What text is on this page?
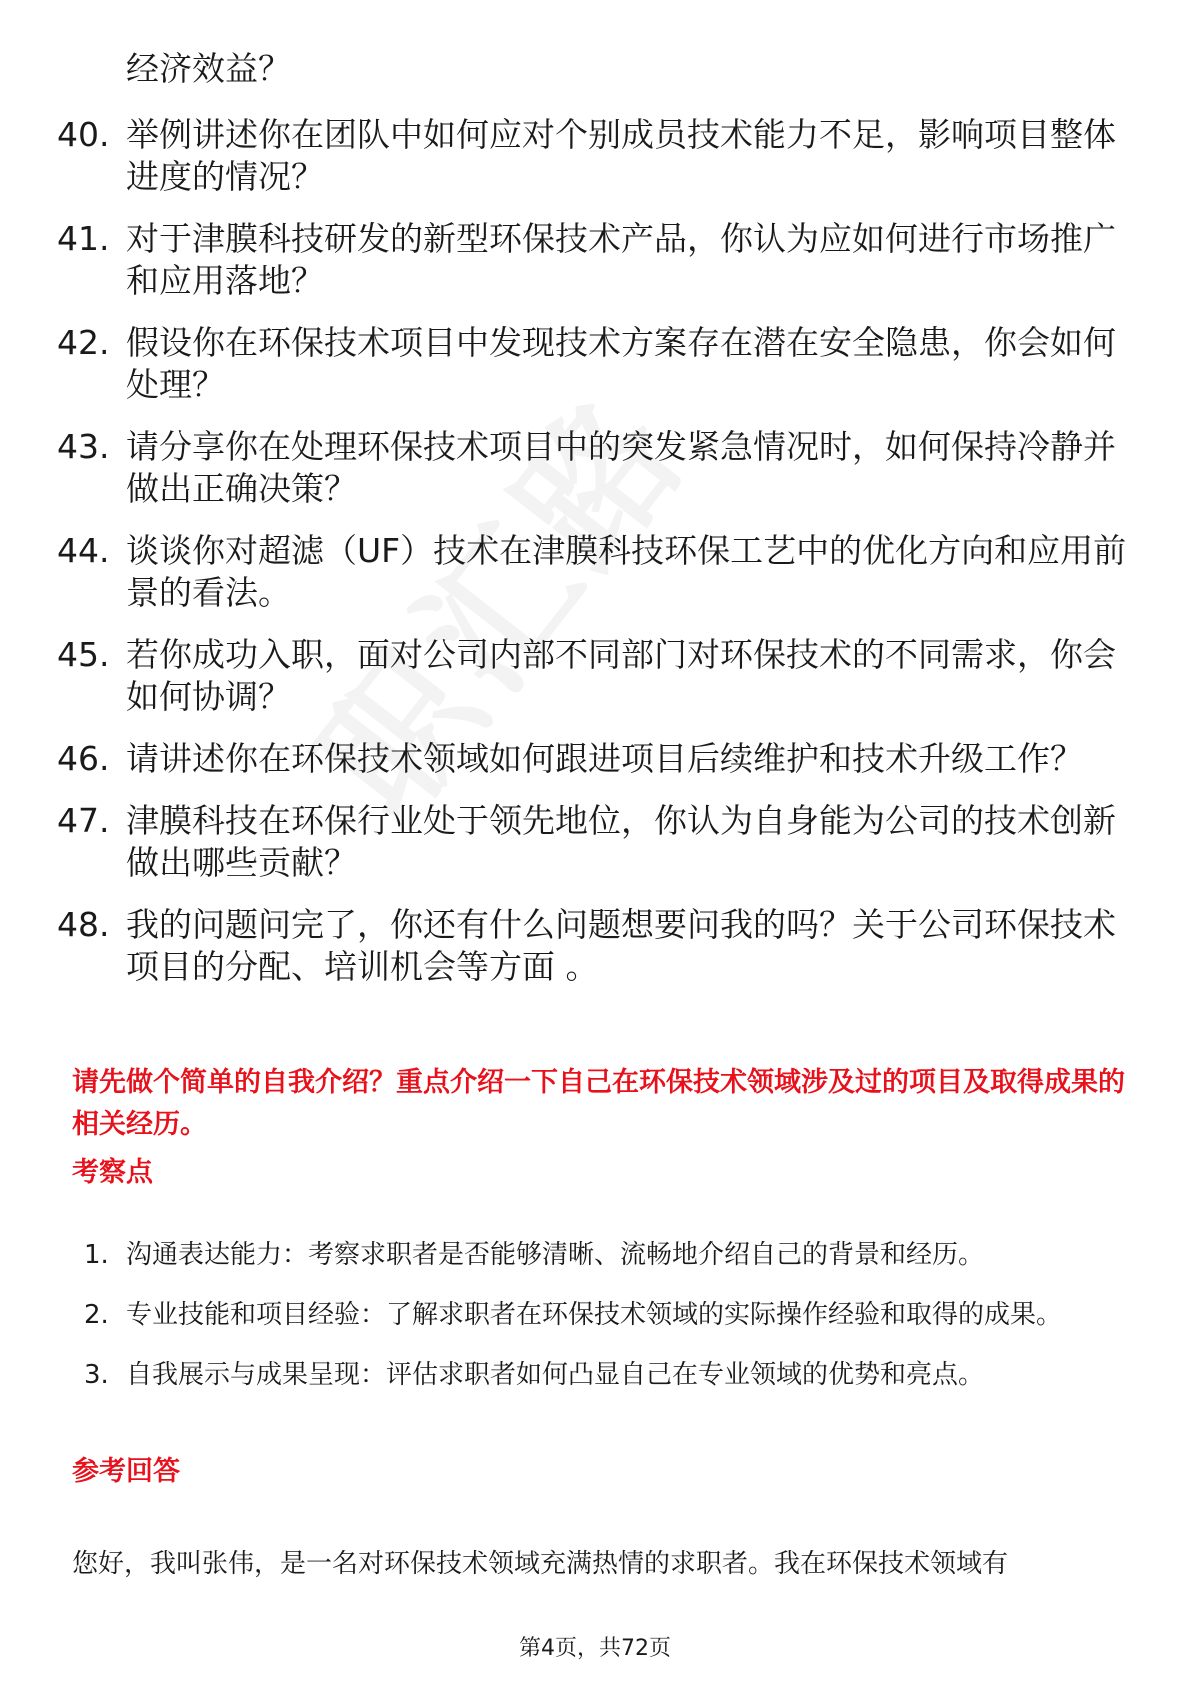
经济效益？
40. 举例讲述你在团队中如何应对个别成员技术能力不足，影响项目整体进度的情况？
41. 对于津膜科技研发的新型环保技术产品，你认为应如何进行市场推广和应用落地？
42. 假设你在环保技术项目中发现技术方案存在潜在安全隐患，你会如何处理？
43. 请分享你在处理环保技术项目中的突发紧急情况时，如何保持冷静并做出正确决策？
44. 谈谈你对超滤（UF）技术在津膜科技环保工艺中的优化方向和应用前景的看法。
45. 若你成功入职，面对公司内部不同部门对环保技术的不同需求，你会如何协调？
46. 请讲述你在环保技术领域如何跟进项目后续维护和技术升级工作？
47. 津膜科技在环保行业处于领先地位，你认为自身能为公司的技术创新做出哪些贡献？
48. 我的问题问完了，你还有什么问题想要问我的吗？关于公司环保技术项目的分配、培训机会等方面 。
请先做个简单的自我介绍？重点介绍一下自己在环保技术领域涉及过的项目及取得成果的相关经历。
考察点
1. 沟通表达能力：考察求职者是否能够清晰、流畅地介绍自己的背景和经历。
2. 专业技能和项目经验：了解求职者在环保技术领域的实际操作经验和取得的成果。
3. 自我展示与成果呈现：评估求职者如何凸显自己在专业领域的优势和亮点。
参考回答
您好，我叫张伟，是一名对环保技术领域充满热情的求职者。我在环保技术领域有
第4页，共72页
